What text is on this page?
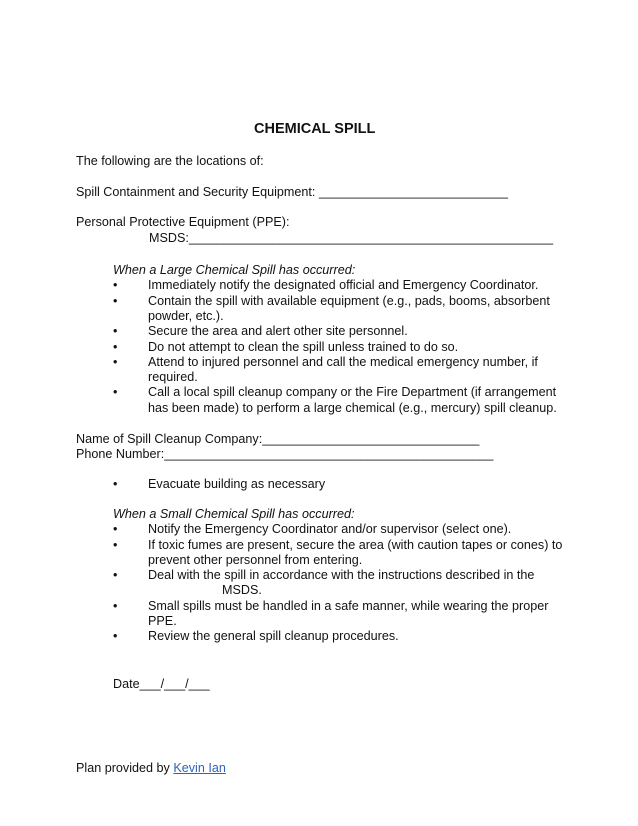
CHEMICAL SPILL
The following are the locations of:
Spill Containment and Security Equipment: ___________________________
Personal Protective Equipment (PPE):
MSDS:____________________________________________________
When a Large Chemical Spill has occurred:
• Immediately notify the designated official and Emergency Coordinator.
• Contain the spill with available equipment (e.g., pads, booms, absorbent
powder, etc.).
• Secure the area and alert other site personnel.
• Do not attempt to clean the spill unless trained to do so.
• Attend to injured personnel and call the medical emergency number, if
required.
• Call a local spill cleanup company or the Fire Department (if arrangement
has been made) to perform a large chemical (e.g., mercury) spill cleanup.
Name of Spill Cleanup Company:_______________________________
Phone Number:_______________________________________________
• Evacuate building as necessary
When a Small Chemical Spill has occurred:
• Notify the Emergency Coordinator and/or supervisor (select one).
• If toxic fumes are present, secure the area (with caution tapes or cones) to
prevent other personnel from entering.
• Deal with the spill in accordance with the instructions described in the
MSDS.
• Small spills must be handled in a safe manner, while wearing the proper
PPE.
• Review the general spill cleanup procedures.
Date___/___/___
Plan provided by Kevin Ian
